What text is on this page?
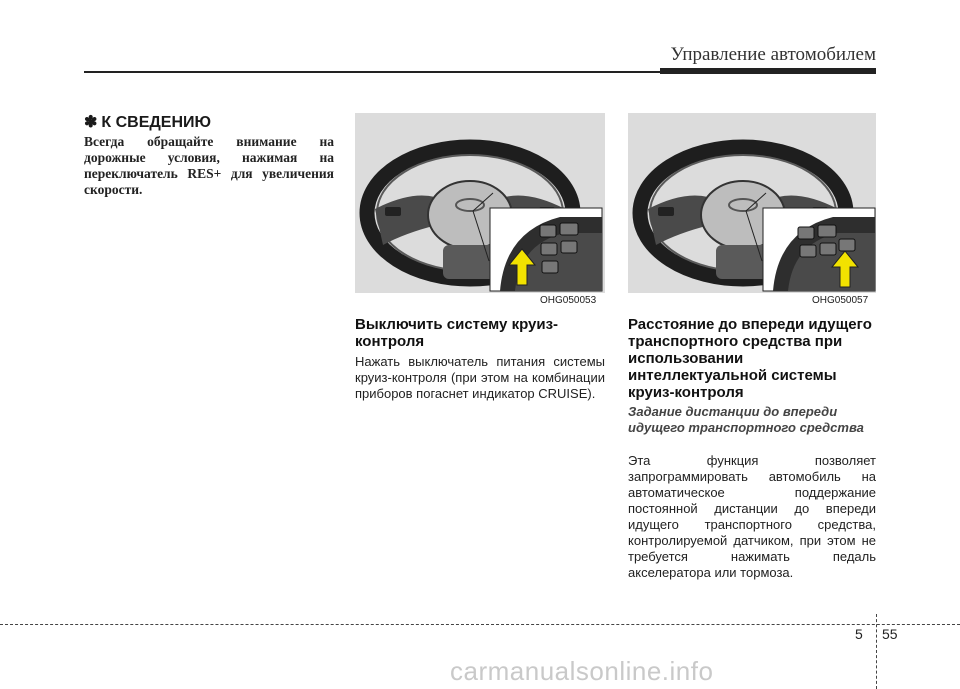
Управление автомобилем
✽ К СВЕДЕНИЮ
Всегда обращайте внимание на дорожные условия, нажимая на переключатель RES+ для увеличения скорости.
OHG050053	OHG050057
Выключить систему круиз-контроля
Нажать выключатель питания системы круиз-контроля (при этом на комбинации приборов погаснет индикатор CRUISE).
Расстояние до впереди идущего транспортного средства при использовании интеллектуальной системы круиз-контроля
Задание дистанции до впереди идущего транспортного средства
Эта функция позволяет запрограммировать автомобиль на автоматическое поддержание постоянной дистанции до впереди идущего транспортного средства, контролируемой датчиком, при этом не требуется нажимать педаль акселератора или тормоза.
5 55
carmanualsonline.info
